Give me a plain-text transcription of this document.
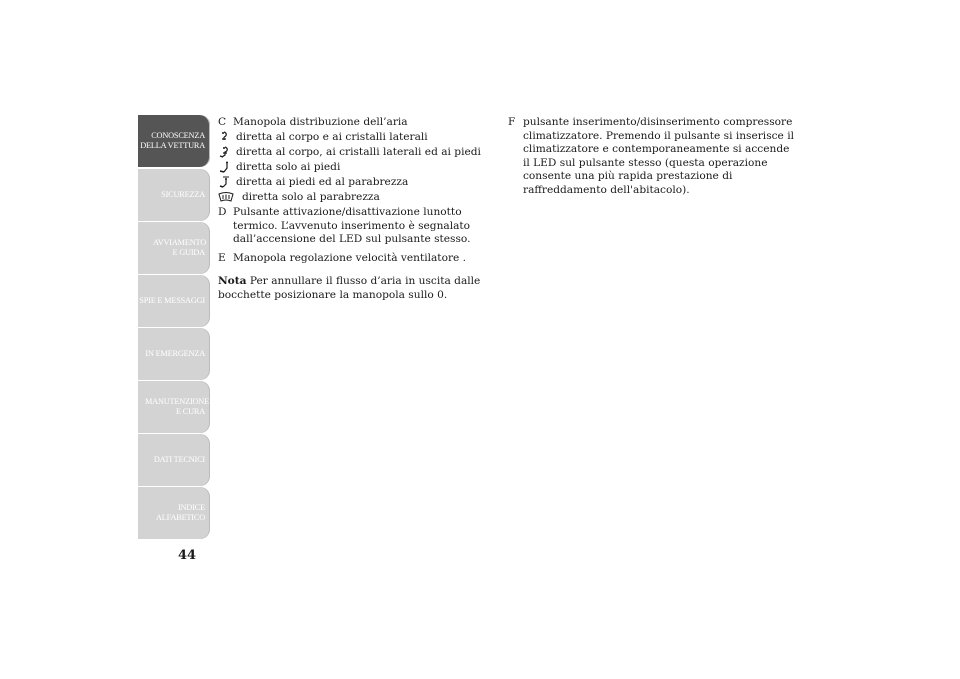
CONOSCENZA DELLA VETTURA
SICUREZZA
AVVIAMENTO E GUIDA
SPIE E MESSAGGI
IN EMERGENZA
MANUTENZIONE E CURA
DATI TECNICI
INDICE ALFABETICO
44
C Manopola distribuzione dell’aria

diretta al corpo e ai cristalli laterali
diretta al corpo, ai cristalli laterali ed ai piedi
diretta solo ai piedi
diretta ai piedi ed al parabrezza
diretta solo al parabrezza
D Pulsante attivazione/disattivazione lunotto termico. L’avvenuto inserimento è segnalato dall’accensione del LED sul pulsante stesso.

E Manopola regolazione velocità ventilatore .

Nota Per annullare il flusso d’aria in uscita dalle bocchette posizionare la manopola sullo 0.

F pulsante inserimento/disinserimento compressore climatizzatore. Premendo il pulsante si inserisce il climatizzatore e contemporaneamente si accende il LED sul pulsante stesso (questa operazione consente una più rapida prestazione di raffreddamento dell'abitacolo).
